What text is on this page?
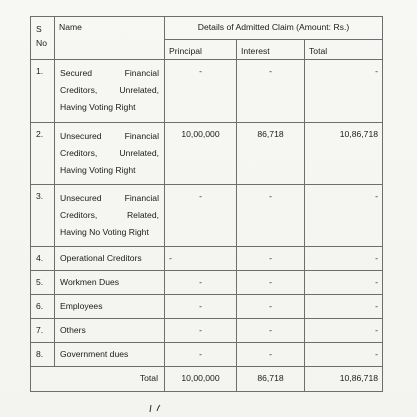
S
No	Name	Details of Admitted Claim (Amount: Rs.)		
		Principal	Interest	Total
1.	Secured Financial
Creditors, Unrelated,
Having Voting Right	-	-	-
2.	Unsecured Financial
Creditors, Unrelated,
Having Voting Right	10,00,000	86,718	10,86,718
3.	Unsecured Financial
Creditors, Related,
Having No Voting Right	-	-	-
4.	Operational Creditors	-	-	-
5.	Workmen Dues	-	-	-
6.	Employees	-	-	-
7.	Others	-	-	-
8.	Government dues	-	-	-
Total		10,00,000	86,718	10,86,718
